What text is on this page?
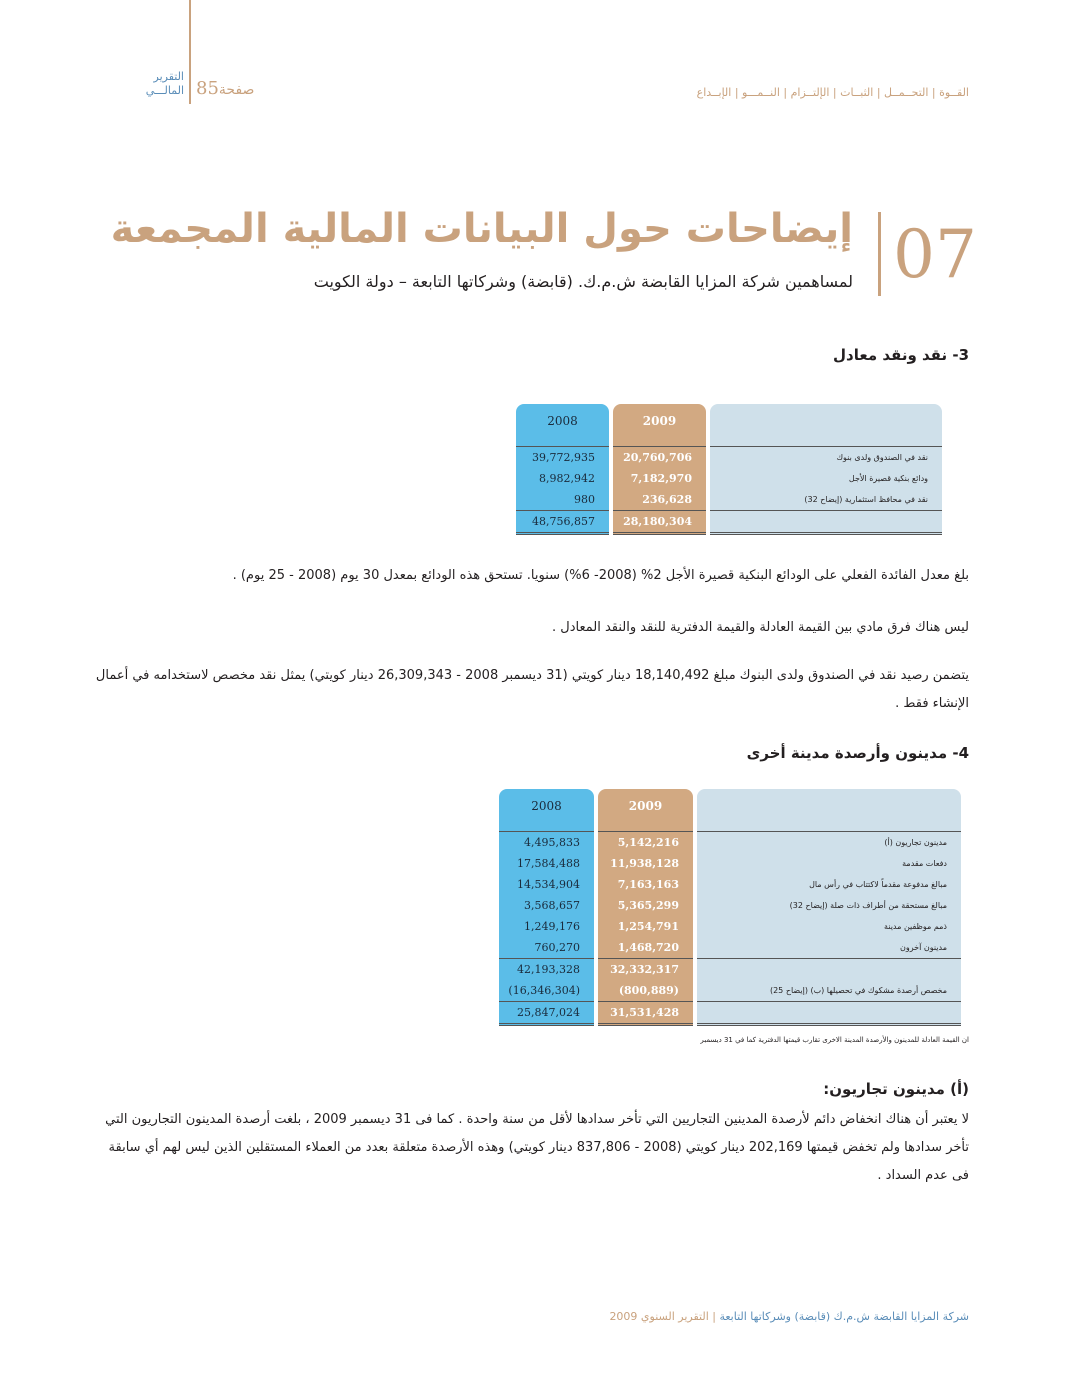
التقرير
المالـــي 85صفحة	القــوة | التحــمــل | الثبــات | الإلتــزام | النــمـــو | الإبــداع
07
إيضاحات حول البيانات المالية المجمعة
لمساهمين شركة المزايا القابضة ش.م.ك. (قابضة) وشركاتها التابعة – دولة الكويت
3- نقد ونقد معادل
2008	2009	

39,772,935	20,760,706	نقد في الصندوق ولدى بنوك
8,982,942	7,182,970	ودائع بنكية قصيرة الأجل
980	236,628	نقد في محافظ استثمارية (إيضاح 32)
48,756,857	28,180,304	
بلغ معدل الفائدة الفعلي على الودائع البنكية قصيرة الأجل 2% (2008- 6%) سنويا. تستحق هذه الودائع بمعدل 30 يوم (2008 - 25 يوم) .
ليس هناك فرق مادي بين القيمة العادلة والقيمة الدفترية للنقد والنقد المعادل .
يتضمن رصيد نقد في الصندوق ولدى البنوك مبلغ 18,140,492 دينار كويتي (31 ديسمبر 2008 - 26,309,343 دينار كويتي) يمثل نقد مخصص لاستخدامه في أعمال الإنشاء فقط .
4- مدينون وأرصدة مدينة أخرى
2008	2009	

4,495,833	5,142,216	مدينون تجاريون (أ)
17,584,488	11,938,128	دفعات مقدمة
14,534,904	7,163,163	مبالغ مدفوعة مقدماً لاكتتاب في رأس مال
3,568,657	5,365,299	مبالغ مستحقة من أطراف ذات صلة (إيضاح 32)
1,249,176	1,254,791	ذمم موظفين مدينة
760,270	1,468,720	مدينون آخرون
42,193,328	32,332,317	
(16,346,304)	(800,889)	مخصص أرصدة مشكوك في تحصيلها (ب) (إيضاح 25)
25,847,024	31,531,428	
ان القيمة العادلة للمدينون والأرصدة المدينة الاخرى تقارب قيمتها الدفترية كما في 31 ديسمبر
(أ) مدينون تجاريون:
لا يعتبر أن هناك انخفاض دائم لأرصدة المدينين التجاريين التي تأخر سدادها لأقل من سنة واحدة . كما فى 31 ديسمبر 2009 ، بلغت أرصدة المدينون التجاريون التي تأخر سدادها ولم تخفض قيمتها 202,169 دينار كويتي (2008 - 837,806 دينار كويتي) وهذه الأرصدة متعلقة بعدد من العملاء المستقلين الذين ليس لهم أي سابقة فى عدم السداد .
شركة المزايا القابضة ش.م.ك (قابضة) وشركاتها التابعة | التقرير السنوي 2009
